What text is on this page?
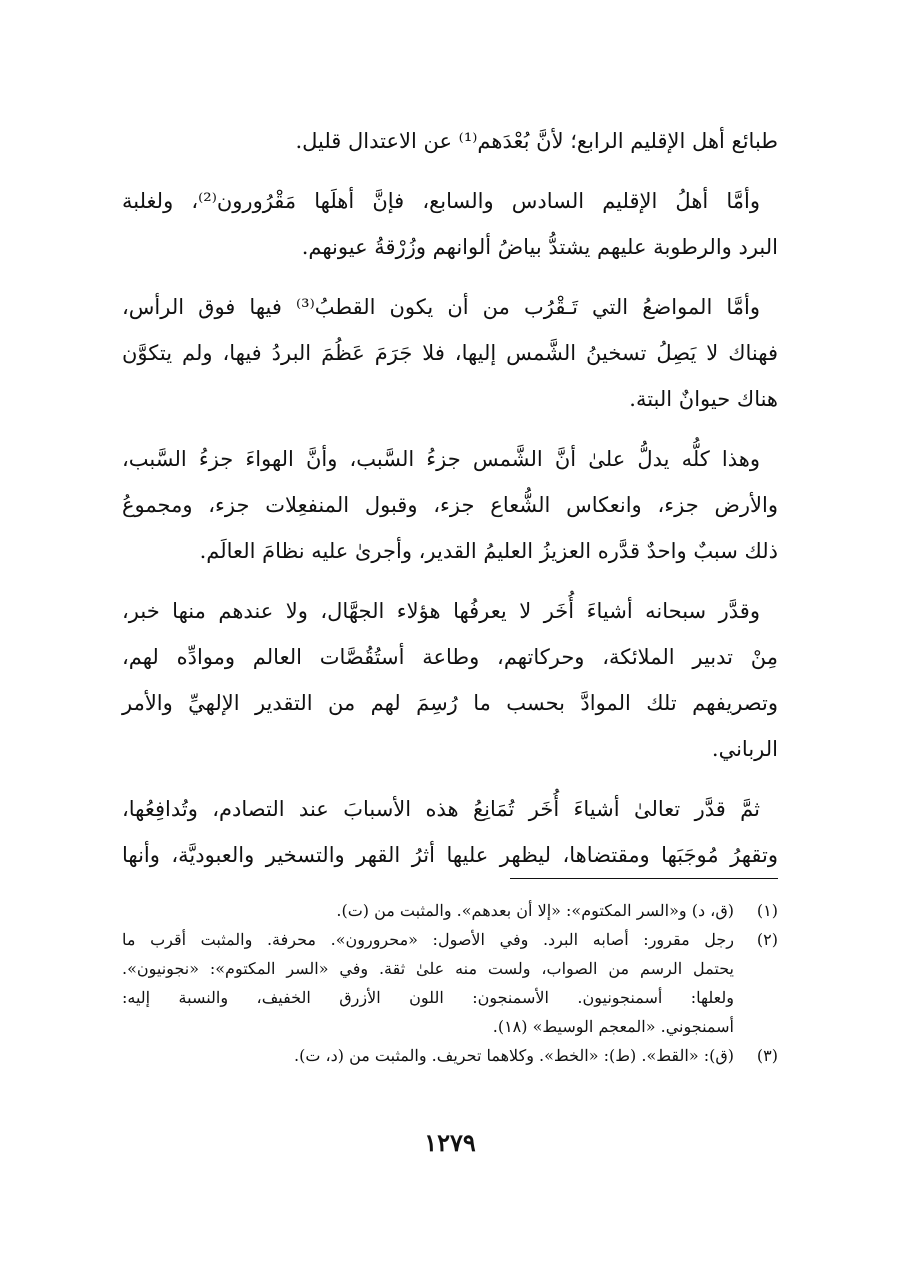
طبائع أهل الإقليم الرابع؛ لأنَّ بُعْدَهم⁽¹⁾ عن الاعتدال قليل.

وأمَّا أهلُ الإقليم السادس والسابع، فإنَّ أهلَها مَقْرُورون⁽²⁾، ولغلبة
البرد والرطوبة عليهم يشتدُّ بياضُ ألوانهم وزُرْقةُ عيونهم.

وأمَّا المواضعُ التي تَـقْرُب من أن يكون القطبُ⁽³⁾ فيها فوق الرأس،
فهناك لا يَصِلُ تسخينُ الشَّمس إليها، فلا جَرَمَ عَظُمَ البردُ فيها، ولم يتكوَّن
هناك حيوانٌ البتة.

وهذا كلُّه يدلُّ علىٰ أنَّ الشَّمس جزءُ السَّبب، وأنَّ الهواءَ جزءُ السَّبب،
والأرض جزء، وانعكاس الشُّعاع جزء، وقبول المنفعِلات جزء، ومجموعُ
ذلك سببٌ واحدٌ قدَّره العزيزُ العليمُ القدير، وأجرىٰ عليه نظامَ العالَم.

وقدَّر سبحانه أشياءَ أُخَر لا يعرفُها هؤلاء الجهَّال، ولا عندهم منها خبر،
مِنْ تدبير الملائكة، وحركاتهم، وطاعة أستُقُصَّات العالم وموادِّه لهم،
وتصريفهم تلك الموادَّ بحسب ما رُسِمَ لهم من التقدير الإلهيِّ والأمر
الرباني.

ثمَّ قدَّر تعالىٰ أشياءَ أُخَر تُمَانِعُ هذه الأسبابَ عند التصادم، وتُدافِعُها،
وتقهرُ مُوجَبَها ومقتضاها، ليظهر عليها أثرُ القهر والتسخير والعبوديَّة، وأنها

(١)
(ق، د) و«السر المكتوم»: «إلا أن بعدهم». والمثبت من (ت).
(٢)
رجل مقرور: أصابه البرد. وفي الأصول: «محرورون». محرفة. والمثبت أقرب ما
يحتمل الرسم من الصواب، ولست منه علىٰ ثقة. وفي «السر المكتوم»: «نجونيون».
ولعلها: أسمنجونيون. الأسمنجون: اللون الأزرق الخفيف، والنسبة إليه:
أسمنجوني. «المعجم الوسيط» (١٨).
(٣)
(ق): «القط». (ط): «الخط». وكلاهما تحريف. والمثبت من (د، ت).
١٢٧٩
